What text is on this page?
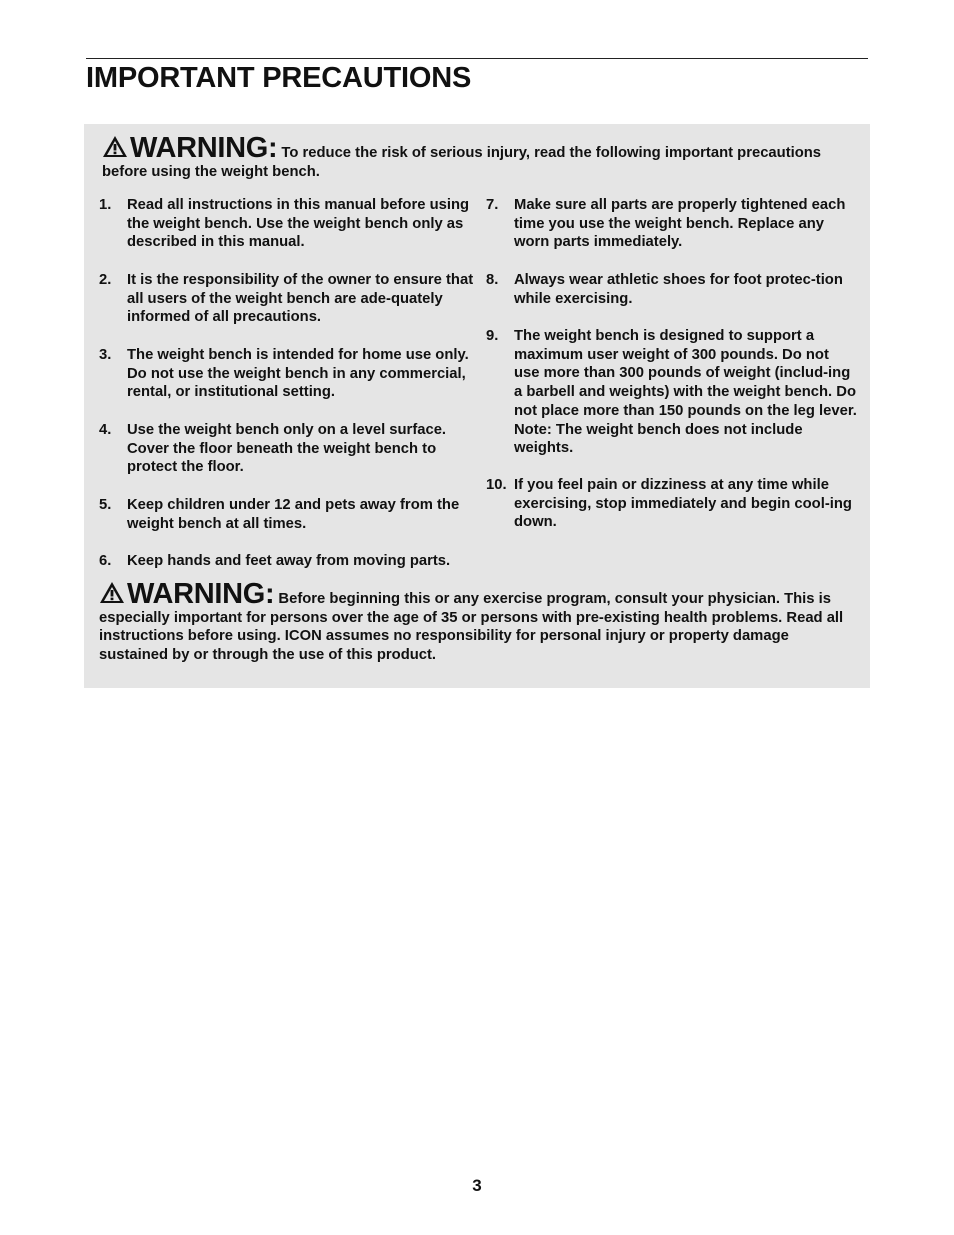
IMPORTANT PRECAUTIONS
WARNING: To reduce the risk of serious injury, read the following important precautions before using the weight bench.
1. Read all instructions in this manual before using the weight bench. Use the weight bench only as described in this manual.
2. It is the responsibility of the owner to ensure that all users of the weight bench are ade-quately informed of all precautions.
3. The weight bench is intended for home use only. Do not use the weight bench in any commercial, rental, or institutional setting.
4. Use the weight bench only on a level surface. Cover the floor beneath the weight bench to protect the floor.
5. Keep children under 12 and pets away from the weight bench at all times.
6. Keep hands and feet away from moving parts.
7. Make sure all parts are properly tightened each time you use the weight bench. Replace any worn parts immediately.
8. Always wear athletic shoes for foot protec-tion while exercising.
9. The weight bench is designed to support a maximum user weight of 300 pounds. Do not use more than 300 pounds of weight (includ-ing a barbell and weights) with the weight bench. Do not place more than 150 pounds on the leg lever. Note: The weight bench does not include weights.
10. If you feel pain or dizziness at any time while exercising, stop immediately and begin cool-ing down.
WARNING: Before beginning this or any exercise program, consult your physician. This is especially important for persons over the age of 35 or persons with pre-existing health problems. Read all instructions before using. ICON assumes no responsibility for personal injury or property damage sustained by or through the use of this product.
3
